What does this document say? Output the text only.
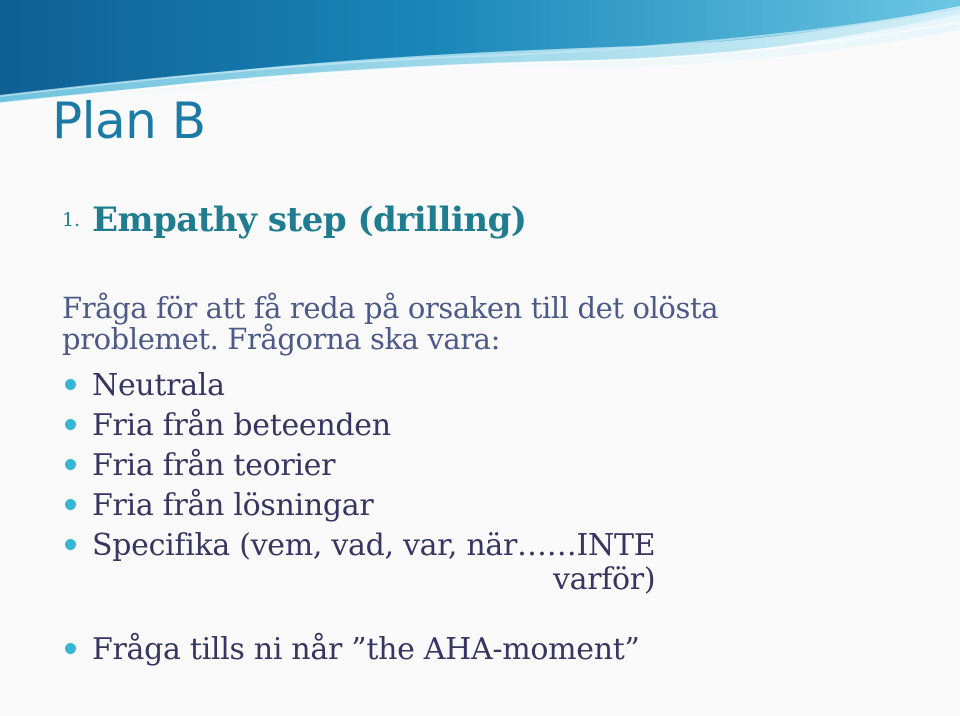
Plan B
1. Empathy step (drilling)

Fråga för att få reda på orsaken till det olösta problemet. Frågorna ska vara:

Neutrala
Fria från beteenden
Fria från teorier
Fria från lösningar
Specifika (vem, vad, var, när……INTE
varför)
Fråga tills ni når ”the AHA-moment”
